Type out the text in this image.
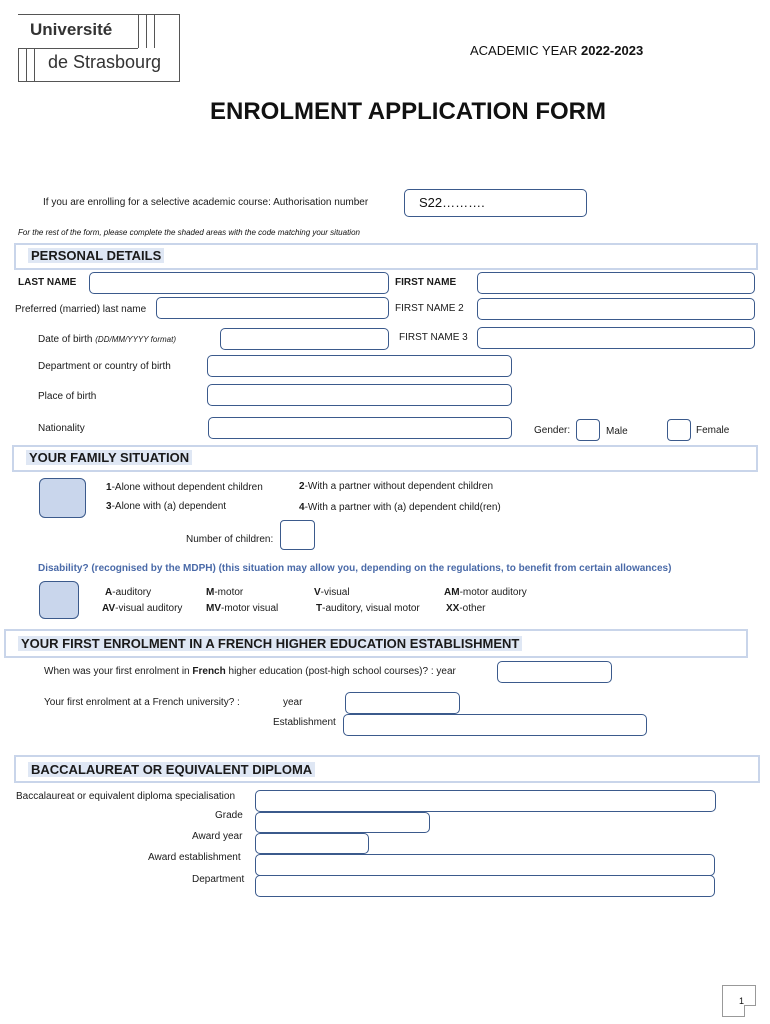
Université
de Strasbourg
ACADEMIC YEAR 2022-2023
ENROLMENT APPLICATION FORM
If you are enrolling for a selective academic course: Authorisation number	S22……….
For the rest of the form, please complete the shaded areas with the code matching your situation
PERSONAL DETAILS
LAST NAME	FIRST NAME
Preferred (married) last name	FIRST NAME 2
Date of birth (DD/MM/YYYY format)	FIRST NAME 3
Department or country of birth
Place of birth
Nationality	Gender:	Male	Female
YOUR FAMILY SITUATION
1-Alone without dependent children	2-With a partner without dependent children
3-Alone with (a) dependent	4-With a partner with (a) dependent child(ren)
Number of children:
Disability? (recognised by the MDPH) (this situation may allow you, depending on the regulations, to benefit from certain allowances)
A-auditory	M-motor	V-visual	AM-motor auditory
AV-visual auditory MV-motor visual	T-auditory, visual motor	XX-other
YOUR FIRST ENROLMENT IN A FRENCH HIGHER EDUCATION ESTABLISHMENT
When was your first enrolment in French higher education (post-high school courses)? : year
Your first enrolment at a French university? :	year
Establishment
BACCALAUREAT OR EQUIVALENT DIPLOMA
Baccalaureat or equivalent diploma specialisation
Grade
Award year
Award establishment
Department
1
